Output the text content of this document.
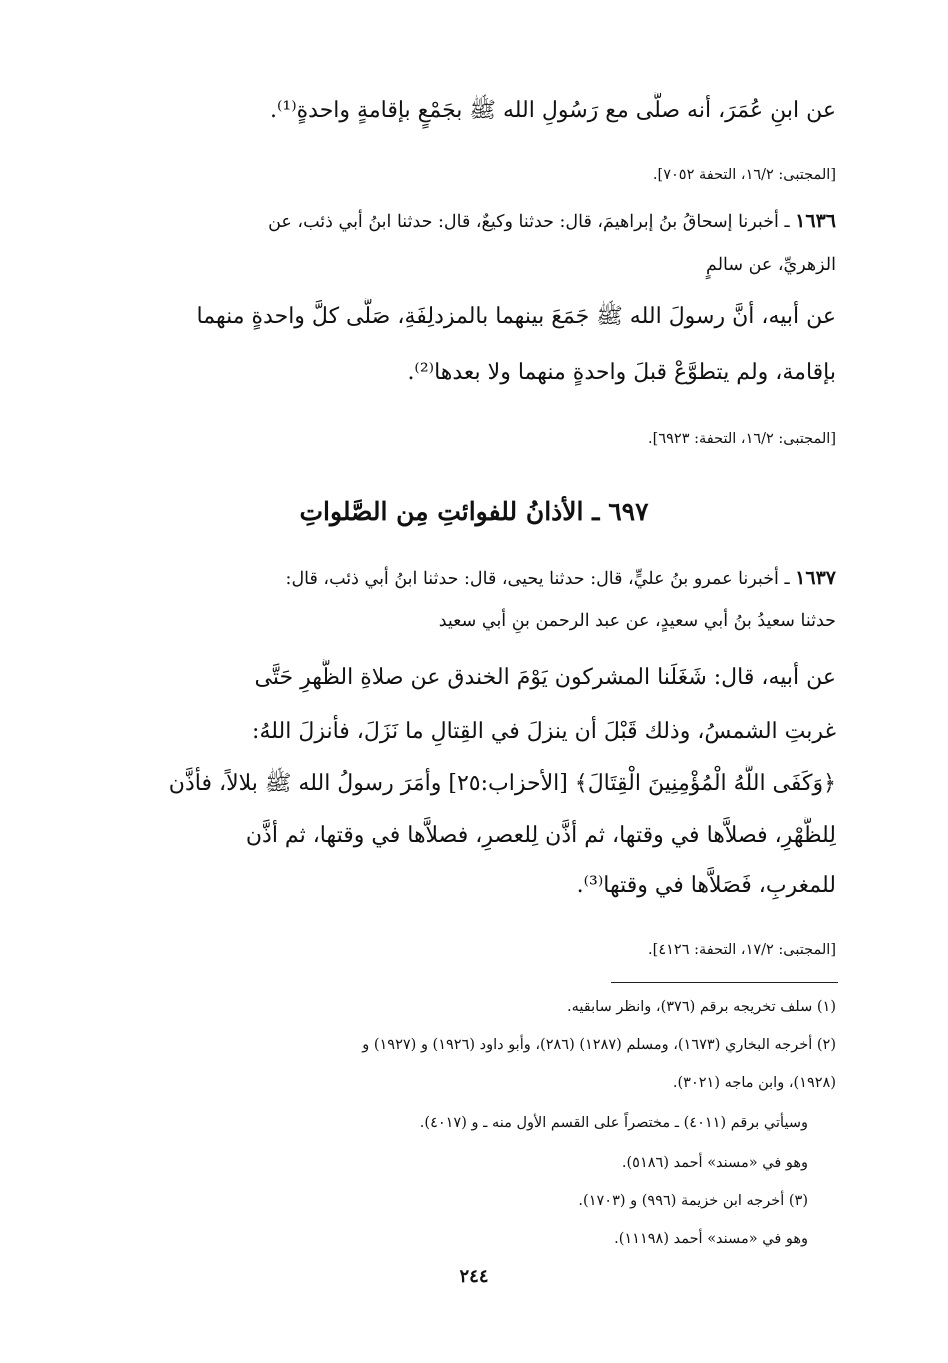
عن ابنِ عُمَرَ، أنه صلَّى مع رَسُولِ الله ﷺ بجَمْعٍ بإقامةٍ واحدةٍ⁽¹⁾.
[المجتبى: ١٦/٢، التحفة ٧٠٥٢].
١٦٣٦ ـ أخبرنا إسحاقُ بنُ إبراهيمَ، قال: حدثنا وكيعٌ، قال: حدثنا ابنُ أبي ذئب، عن
الزهريِّ، عن سالمٍ
عن أبيه، أنَّ رسولَ الله ﷺ جَمَعَ بينهما بالمزدلِفَةِ، صَلَّى كلَّ واحدةٍ منهما
بإقامة، ولم يتطوَّعْ قبلَ واحدةٍ منهما ولا بعدها⁽²⁾.
[المجتبى: ١٦/٢، التحفة: ٦٩٢٣].
٦٩٧ ـ الأذانُ للفوائتِ مِن الصَّلواتِ
١٦٣٧ ـ أخبرنا عمرو بنُ عليٍّ، قال: حدثنا يحيى، قال: حدثنا ابنُ أبي ذئب، قال:
حدثنا سعيدُ بنُ أبي سعيدٍ، عن عبد الرحمن بنِ أبي سعيد
عن أبيه، قال: شَغَلَنا المشركون يَوْمَ الخندق عن صلاةِ الظُّهرِ حَتَّى
غربتِ الشمسُ، وذلك قَبْلَ أن ينزلَ في القِتالِ ما نَزَلَ، فأنزلَ اللهُ:
﴿وَكَفَى اللَّهُ الْمُؤْمِنِينَ الْقِتَالَ﴾ [الأحزاب:٢٥] وأمَرَ رسولُ الله ﷺ بلالاً، فأذَّن
لِلظُّهْرِ، فصلاَّها في وقتها، ثم أذَّن لِلعصرِ، فصلاَّها في وقتها، ثم أذَّن
للمغربِ، فَصَلاَّها في وقتها⁽³⁾.
[المجتبى: ١٧/٢، التحفة: ٤١٢٦].
(١) سلف تخريجه برقم (٣٧٦)، وانظر سابقيه.
(٢) أخرجه البخاري (١٦٧٣)، ومسلم (١٢٨٧) (٢٨٦)، وأبو داود (١٩٢٦) و (١٩٢٧) و
(١٩٢٨)، وابن ماجه (٣٠٢١).
وسيأتي برقم (٤٠١١) ـ مختصراً على القسم الأول منه ـ و (٤٠١٧).
وهو في «مسند» أحمد (٥١٨٦).
(٣) أخرجه ابن خزيمة (٩٩٦) و (١٧٠٣).
وهو في «مسند» أحمد (١١١٩٨).
٢٤٤
